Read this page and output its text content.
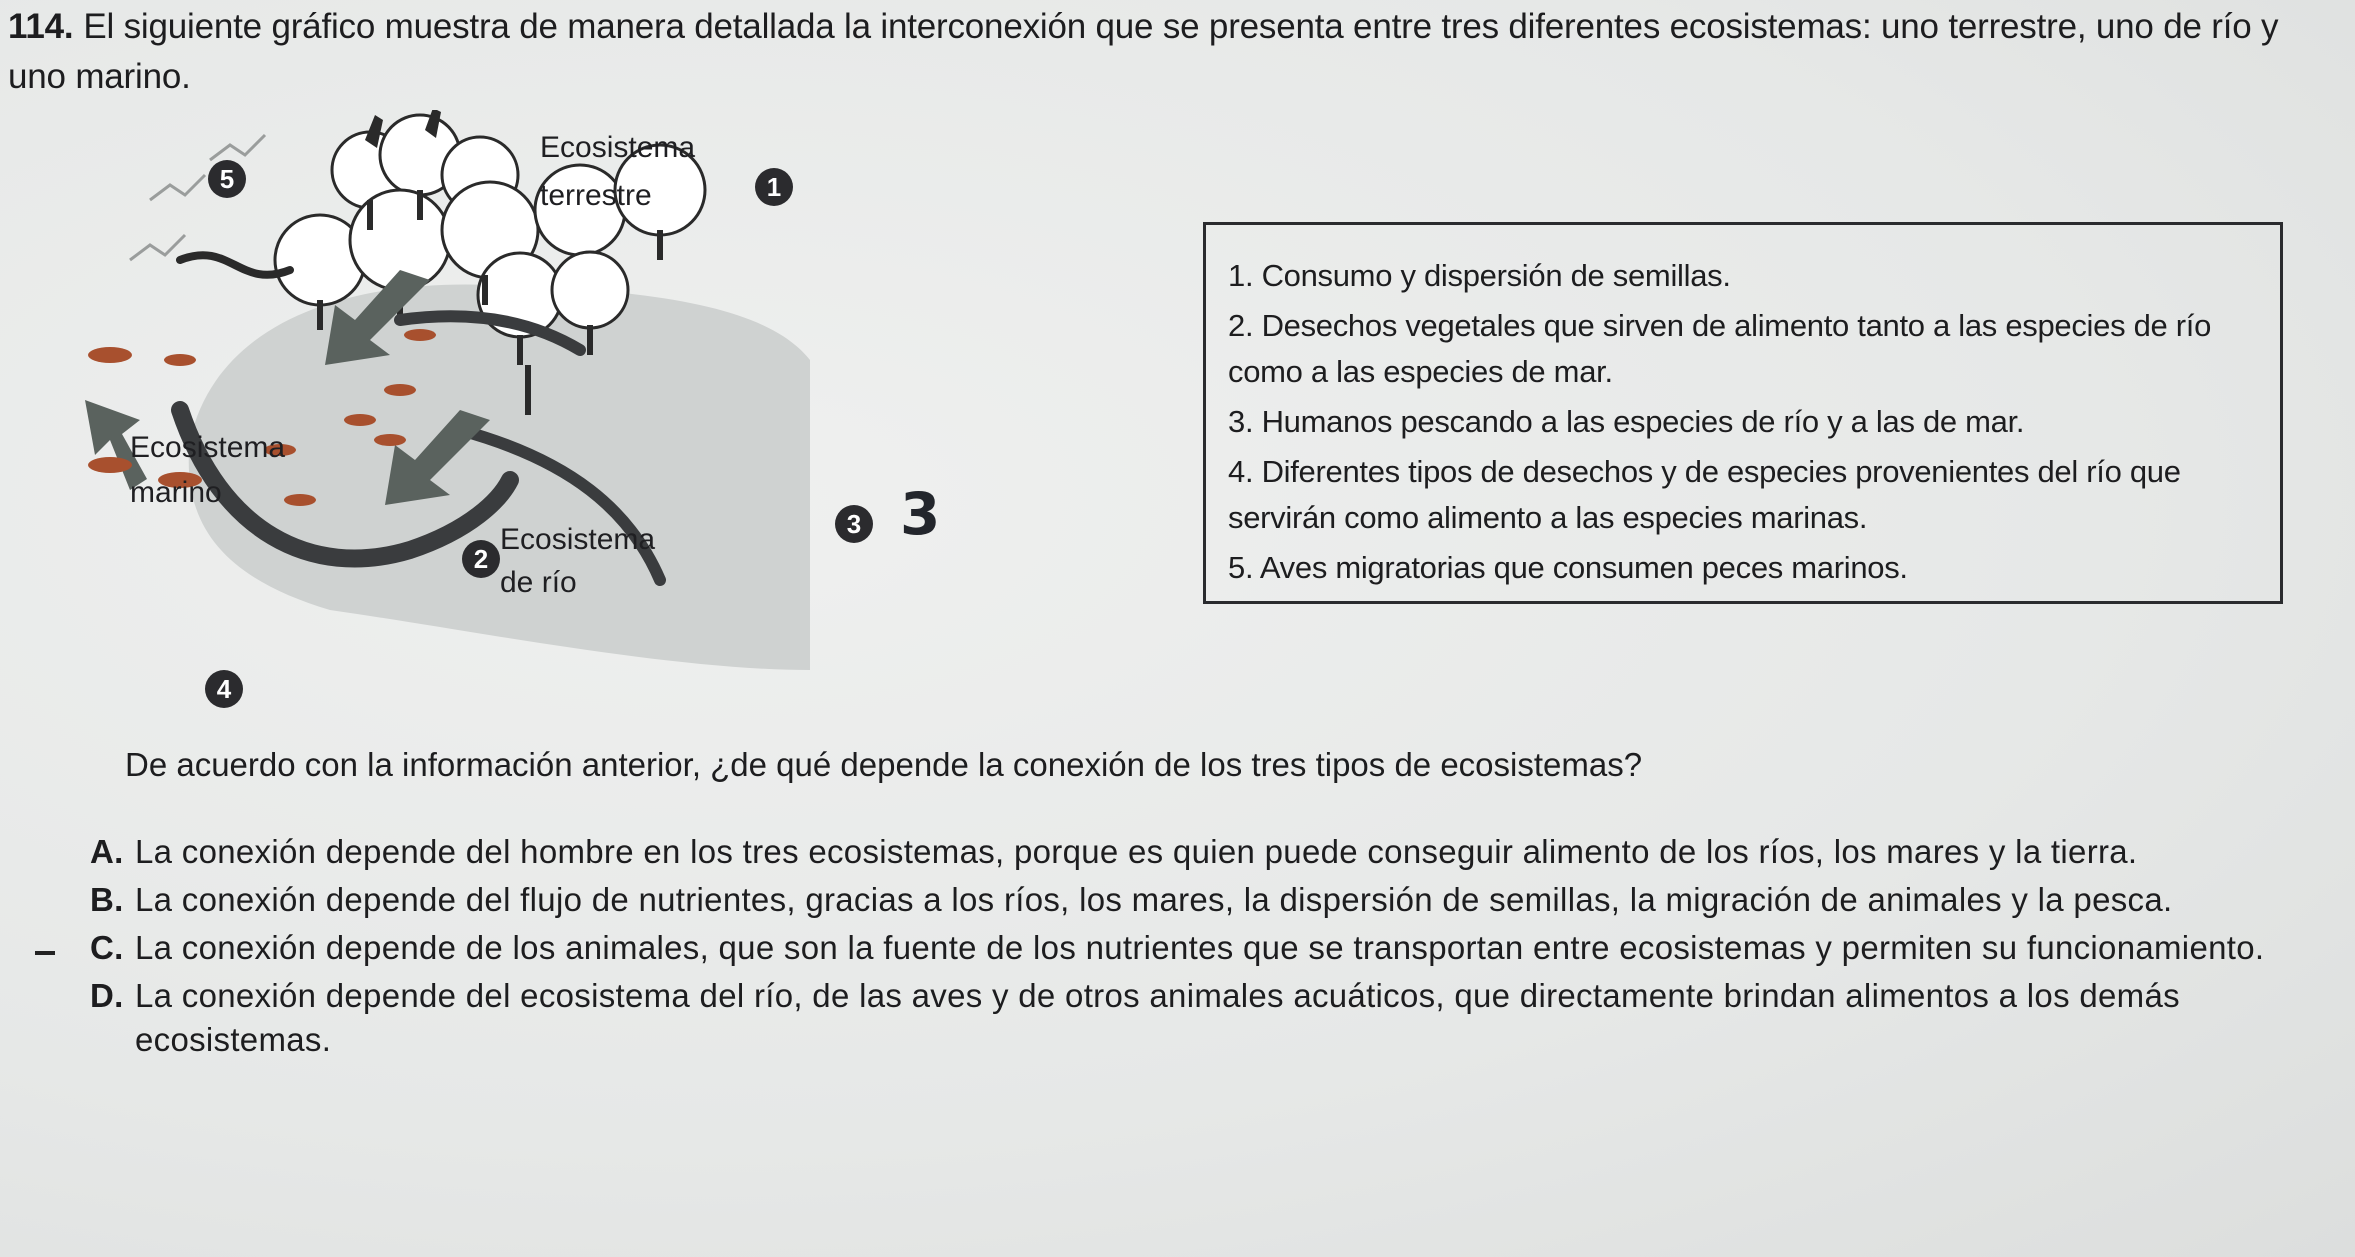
114. El siguiente gráfico muestra de manera detallada la interconexión que se presenta entre tres diferentes ecosistemas: uno terrestre, uno de río y uno marino.
Ecosistema
terrestre
Ecosistema
marino
Ecosistema
de río
1
2
3
4
5
3
1. Consumo y dispersión de semillas.
2. Desechos vegetales que sirven de alimento tanto a las especies de río como a las especies de mar.
3. Humanos pescando a las especies de río y a las de mar.
4. Diferentes tipos de desechos y de especies provenientes del río que servirán como alimento a las especies marinas.
5. Aves migratorias que consumen peces marinos.
De acuerdo con la información anterior, ¿de qué depende la conexión de los tres tipos de ecosistemas?
A. La conexión depende del hombre en los tres ecosistemas, porque es quien puede conseguir alimento de los ríos, los mares y la tierra.
B. La conexión depende del flujo de nutrientes, gracias a los ríos, los mares, la dispersión de semillas, la migración de animales y la pesca.
C. La conexión depende de los animales, que son la fuente de los nutrientes que se transportan entre ecosistemas y permiten su funcionamiento.
D. La conexión depende del ecosistema del río, de las aves y de otros animales acuáticos, que directamente brindan alimentos a los demás ecosistemas.
